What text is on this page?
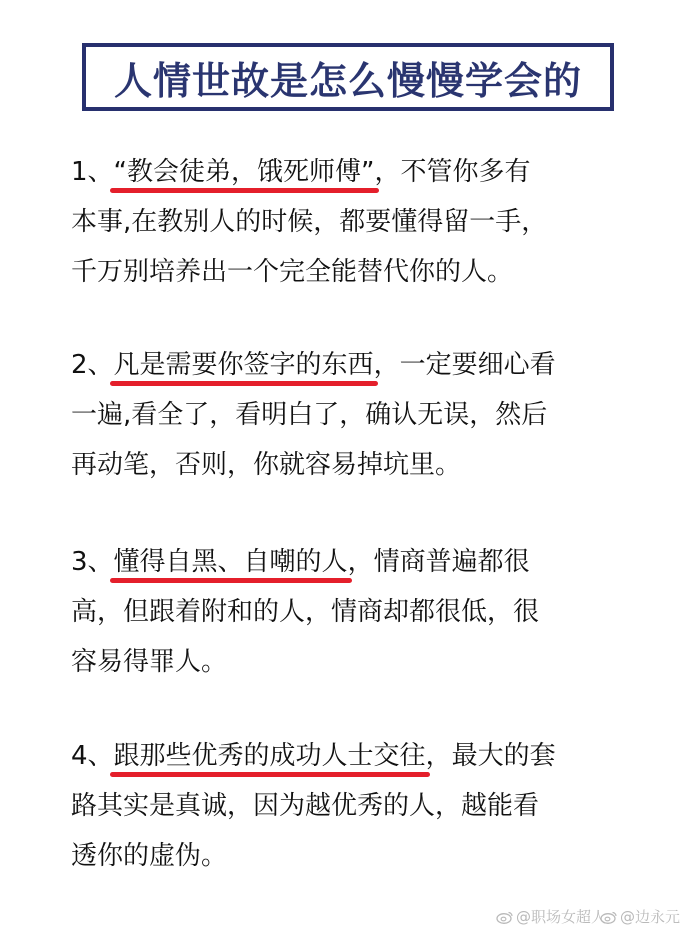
人情世故是怎么慢慢学会的
1、“教会徒弟，饿死师傅”
，不管你多有
本事,在教别人的时候，都要懂得留一手，
千万别培养出一个完全能替代你的人。
2、凡是需要你签字的东西
，一定要细心看
一遍,看全了，看明白了，确认无误，然后
再动笔，否则，你就容易掉坑里。
3、懂得自黑、自嘲的人
，情商普遍都很
高，但跟着附和的人，情商却都很低，很
容易得罪人。
4、跟那些优秀的成功人士交往
，最大的套
路其实是真诚，因为越优秀的人，越能看
透你的虚伪。
@职场女超人 @边永元
